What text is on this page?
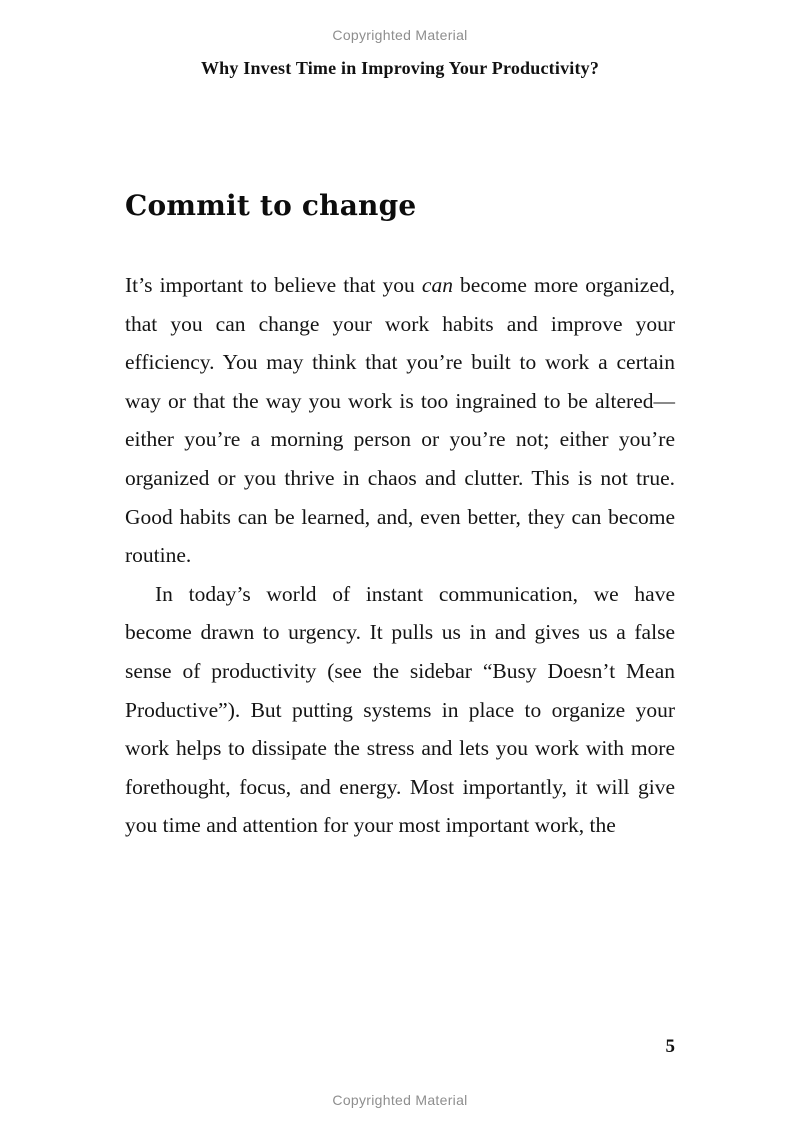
Copyrighted Material
Why Invest Time in Improving Your Productivity?
Commit to change

It’s important to believe that you can become more organized, that you can change your work habits and improve your efficiency. You may think that you’re built to work a certain way or that the way you work is too ingrained to be altered—either you’re a morning person or you’re not; either you’re organized or you thrive in chaos and clutter. This is not true. Good habits can be learned, and, even better, they can become routine.

In today’s world of instant communication, we have become drawn to urgency. It pulls us in and gives us a false sense of productivity (see the sidebar “Busy Doesn’t Mean Productive”). But putting systems in place to organize your work helps to dissipate the stress and lets you work with more forethought, focus, and energy. Most importantly, it will give you time and attention for your most important work, the

5
Copyrighted Material
